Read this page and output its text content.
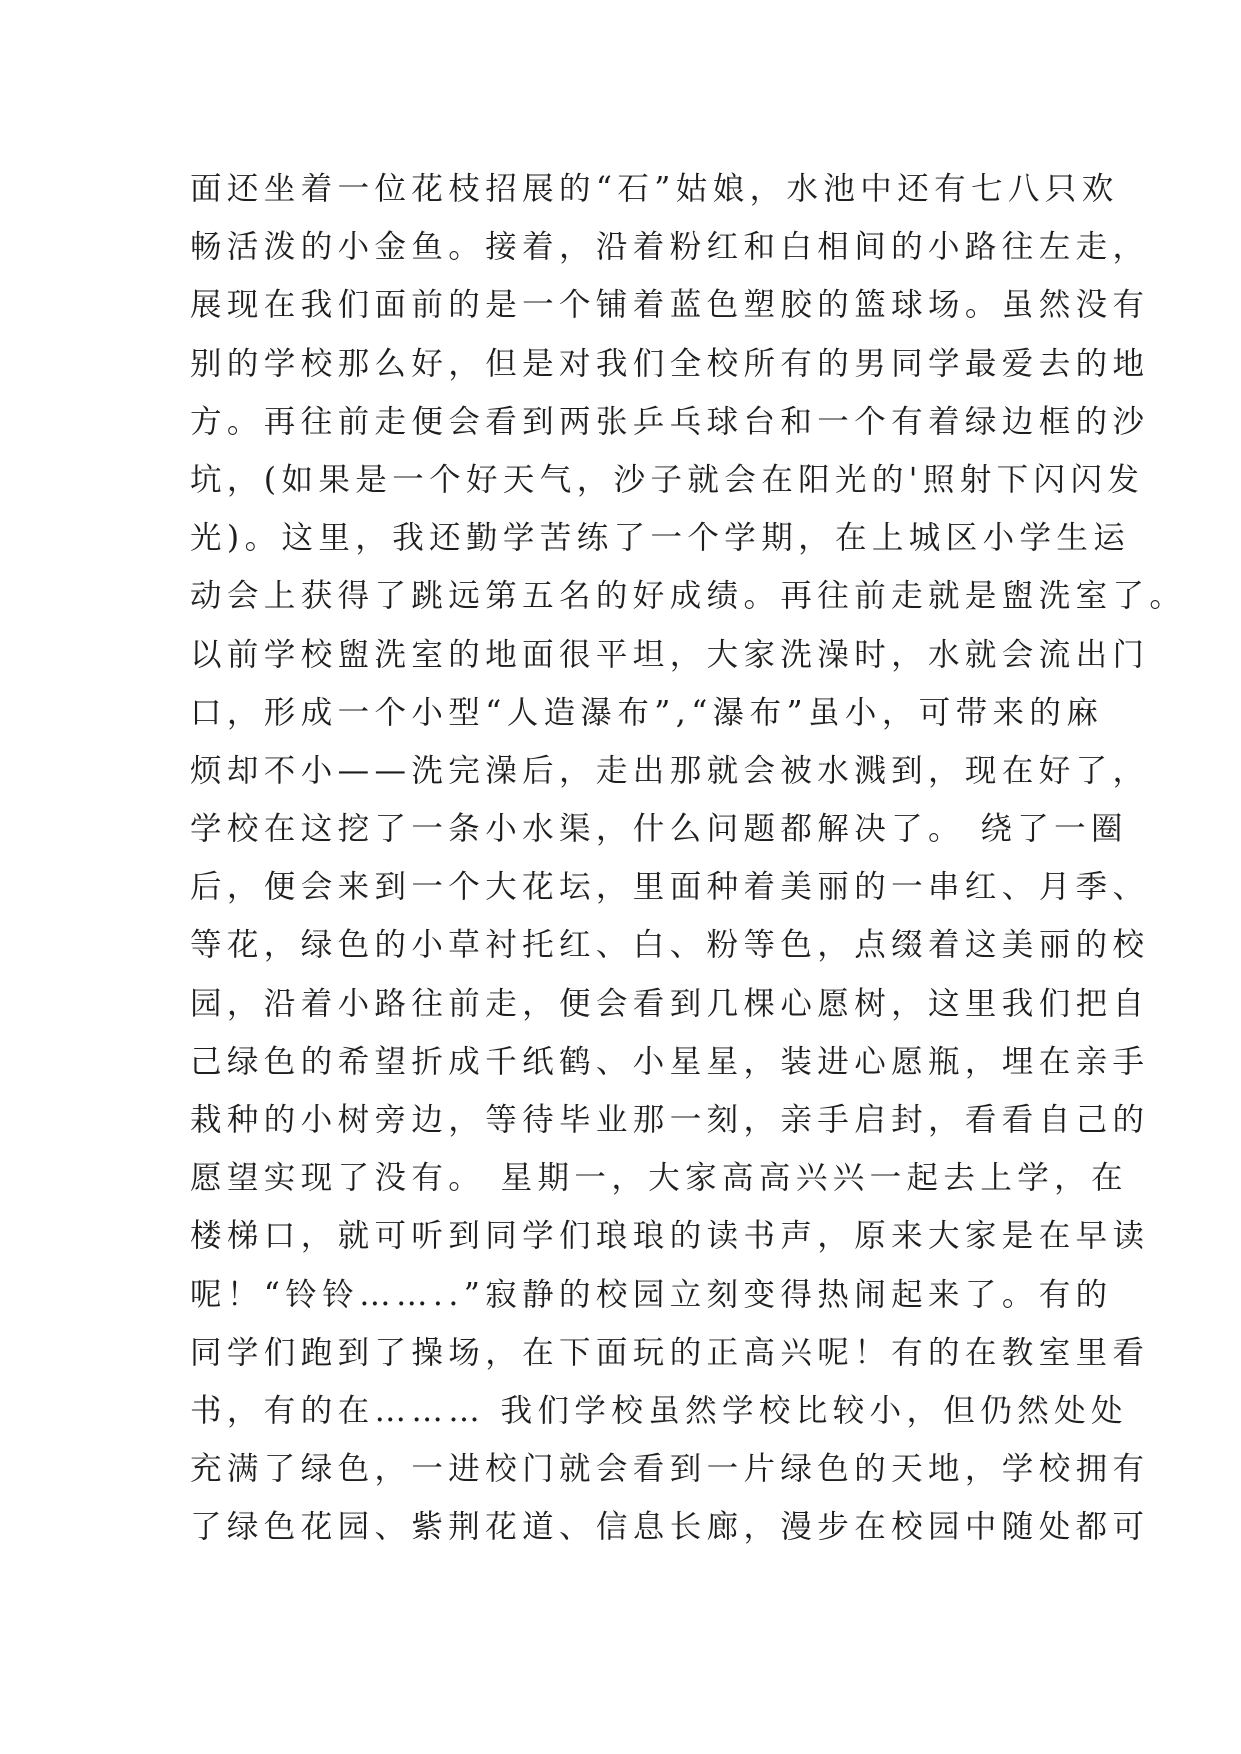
面还坐着一位花枝招展的“石”姑娘，水池中还有七八只欢
畅活泼的小金鱼。接着，沿着粉红和白相间的小路往左走，
展现在我们面前的是一个铺着蓝色塑胶的篮球场。虽然没有
别的学校那么好，但是对我们全校所有的男同学最爱去的地
方。再往前走便会看到两张乒乓球台和一个有着绿边框的沙
坑，(如果是一个好天气，沙子就会在阳光的'照射下闪闪发
光)。这里，我还勤学苦练了一个学期，在上城区小学生运
动会上获得了跳远第五名的好成绩。再往前走就是盥洗室了。
以前学校盥洗室的地面很平坦，大家洗澡时，水就会流出门
口，形成一个小型“人造瀑布”,“瀑布”虽小，可带来的麻
烦却不小——洗完澡后，走出那就会被水溅到，现在好了，
学校在这挖了一条小水渠，什么问题都解决了。 绕了一圈
后，便会来到一个大花坛，里面种着美丽的一串红、月季、
等花，绿色的小草衬托红、白、粉等色，点缀着这美丽的校
园，沿着小路往前走，便会看到几棵心愿树，这里我们把自
己绿色的希望折成千纸鹤、小星星，装进心愿瓶，埋在亲手
栽种的小树旁边，等待毕业那一刻，亲手启封，看看自己的
愿望实现了没有。 星期一，大家高高兴兴一起去上学，在
楼梯口，就可听到同学们琅琅的读书声，原来大家是在早读
呢！“铃铃……..”寂静的校园立刻变得热闹起来了。有的
同学们跑到了操场，在下面玩的正高兴呢！有的在教室里看
书，有的在……… 我们学校虽然学校比较小，但仍然处处
充满了绿色，一进校门就会看到一片绿色的天地，学校拥有
了绿色花园、紫荆花道、信息长廊，漫步在校园中随处都可
